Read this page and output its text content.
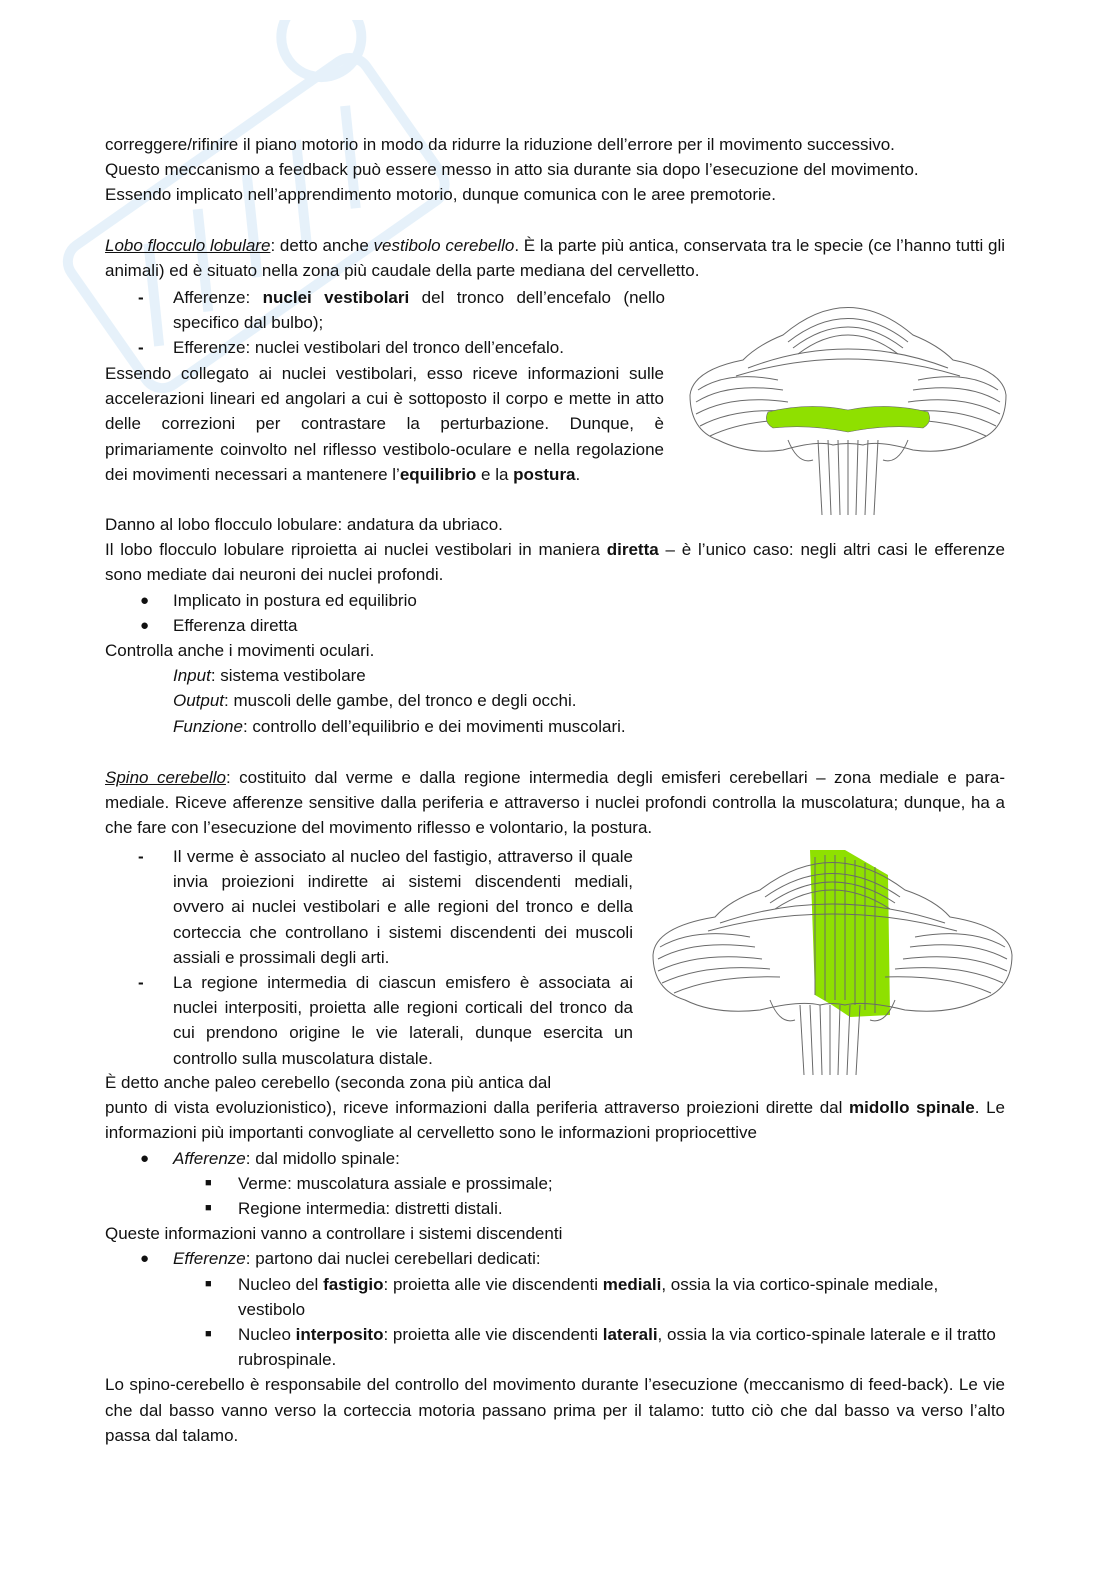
correggere/rifinire il piano motorio in modo da ridurre la riduzione dell’errore per il movimento successivo.

Questo meccanismo a feedback può essere messo in atto sia durante sia dopo l’esecuzione del movimento.

Essendo implicato nell’apprendimento motorio, dunque comunica con le aree premotorie.

Lobo flocculo lobulare: detto anche vestibolo cerebello. È la parte più antica, conservata tra le specie (ce l’hanno tutti gli animali) ed è situato nella zona più caudale della parte mediana del cervelletto.
- Afferenze: nuclei vestibolari del tronco dell’encefalo (nello specifico dal bulbo);
- Efferenze: nuclei vestibolari del tronco dell’encefalo.
Essendo collegato ai nuclei vestibolari, esso riceve informazioni sulle accelerazioni lineari ed angolari a cui è sottoposto il corpo e mette in atto delle correzioni per contrastare la perturbazione. Dunque, è primariamente coinvolto nel riflesso vestibolo-oculare e nella regolazione dei movimenti necessari a mantenere l’equilibrio e la postura.

Danno al lobo flocculo lobulare: andatura da ubriaco.

Il lobo flocculo lobulare riproietta ai nuclei vestibolari in maniera diretta – è l’unico caso: negli altri casi le efferenze sono mediate dai neuroni dei nuclei profondi.

● Implicato in postura ed equilibrio
● Efferenza diretta

Controlla anche i movimenti oculari.

Input: sistema vestibolare

Output: muscoli delle gambe, del tronco e degli occhi.

Funzione: controllo dell’equilibrio e dei movimenti muscolari.

Spino cerebello: costituito dal verme e dalla regione intermedia degli emisferi cerebellari – zona mediale e para-mediale. Riceve afferenze sensitive dalla periferia e attraverso i nuclei profondi controlla la muscolatura; dunque, ha a che fare con l’esecuzione del movimento riflesso e volontario, la postura.
- Il verme è associato al nucleo del fastigio, attraverso il quale invia proiezioni indirette ai sistemi discendenti mediali, ovvero ai nuclei vestibolari e alle regioni del tronco e della corteccia che controllano i sistemi discendenti dei muscoli assiali e prossimali degli arti.
- La regione intermedia di ciascun emisfero è associata ai nuclei interpositi, proietta alle regioni corticali del tronco da cui prendono origine le vie laterali, dunque esercita un controllo sulla muscolatura distale.

È detto anche paleo cerebello (seconda zona più antica dal

punto di vista evoluzionistico), riceve informazioni dalla periferia attraverso proiezioni dirette dal midollo spinale. Le informazioni più importanti convogliate al cervelletto sono le informazioni propriocettive

● Afferenze: dal midollo spinale:
■ Verme: muscolatura assiale e prossimale;
■ Regione intermedia: distretti distali.

Queste informazioni vanno a controllare i sistemi discendenti

● Efferenze: partono dai nuclei cerebellari dedicati:
■ Nucleo del fastigio: proietta alle vie discendenti mediali, ossia la via cortico-spinale mediale, vestibolo
■ Nucleo interposito: proietta alle vie discendenti laterali, ossia la via cortico-spinale laterale e il tratto rubrospinale.

Lo spino-cerebello è responsabile del controllo del movimento durante l’esecuzione (meccanismo di feed-back). Le vie che dal basso vanno verso la corteccia motoria passano prima per il talamo: tutto ciò che dal basso va verso l’alto passa dal talamo.
